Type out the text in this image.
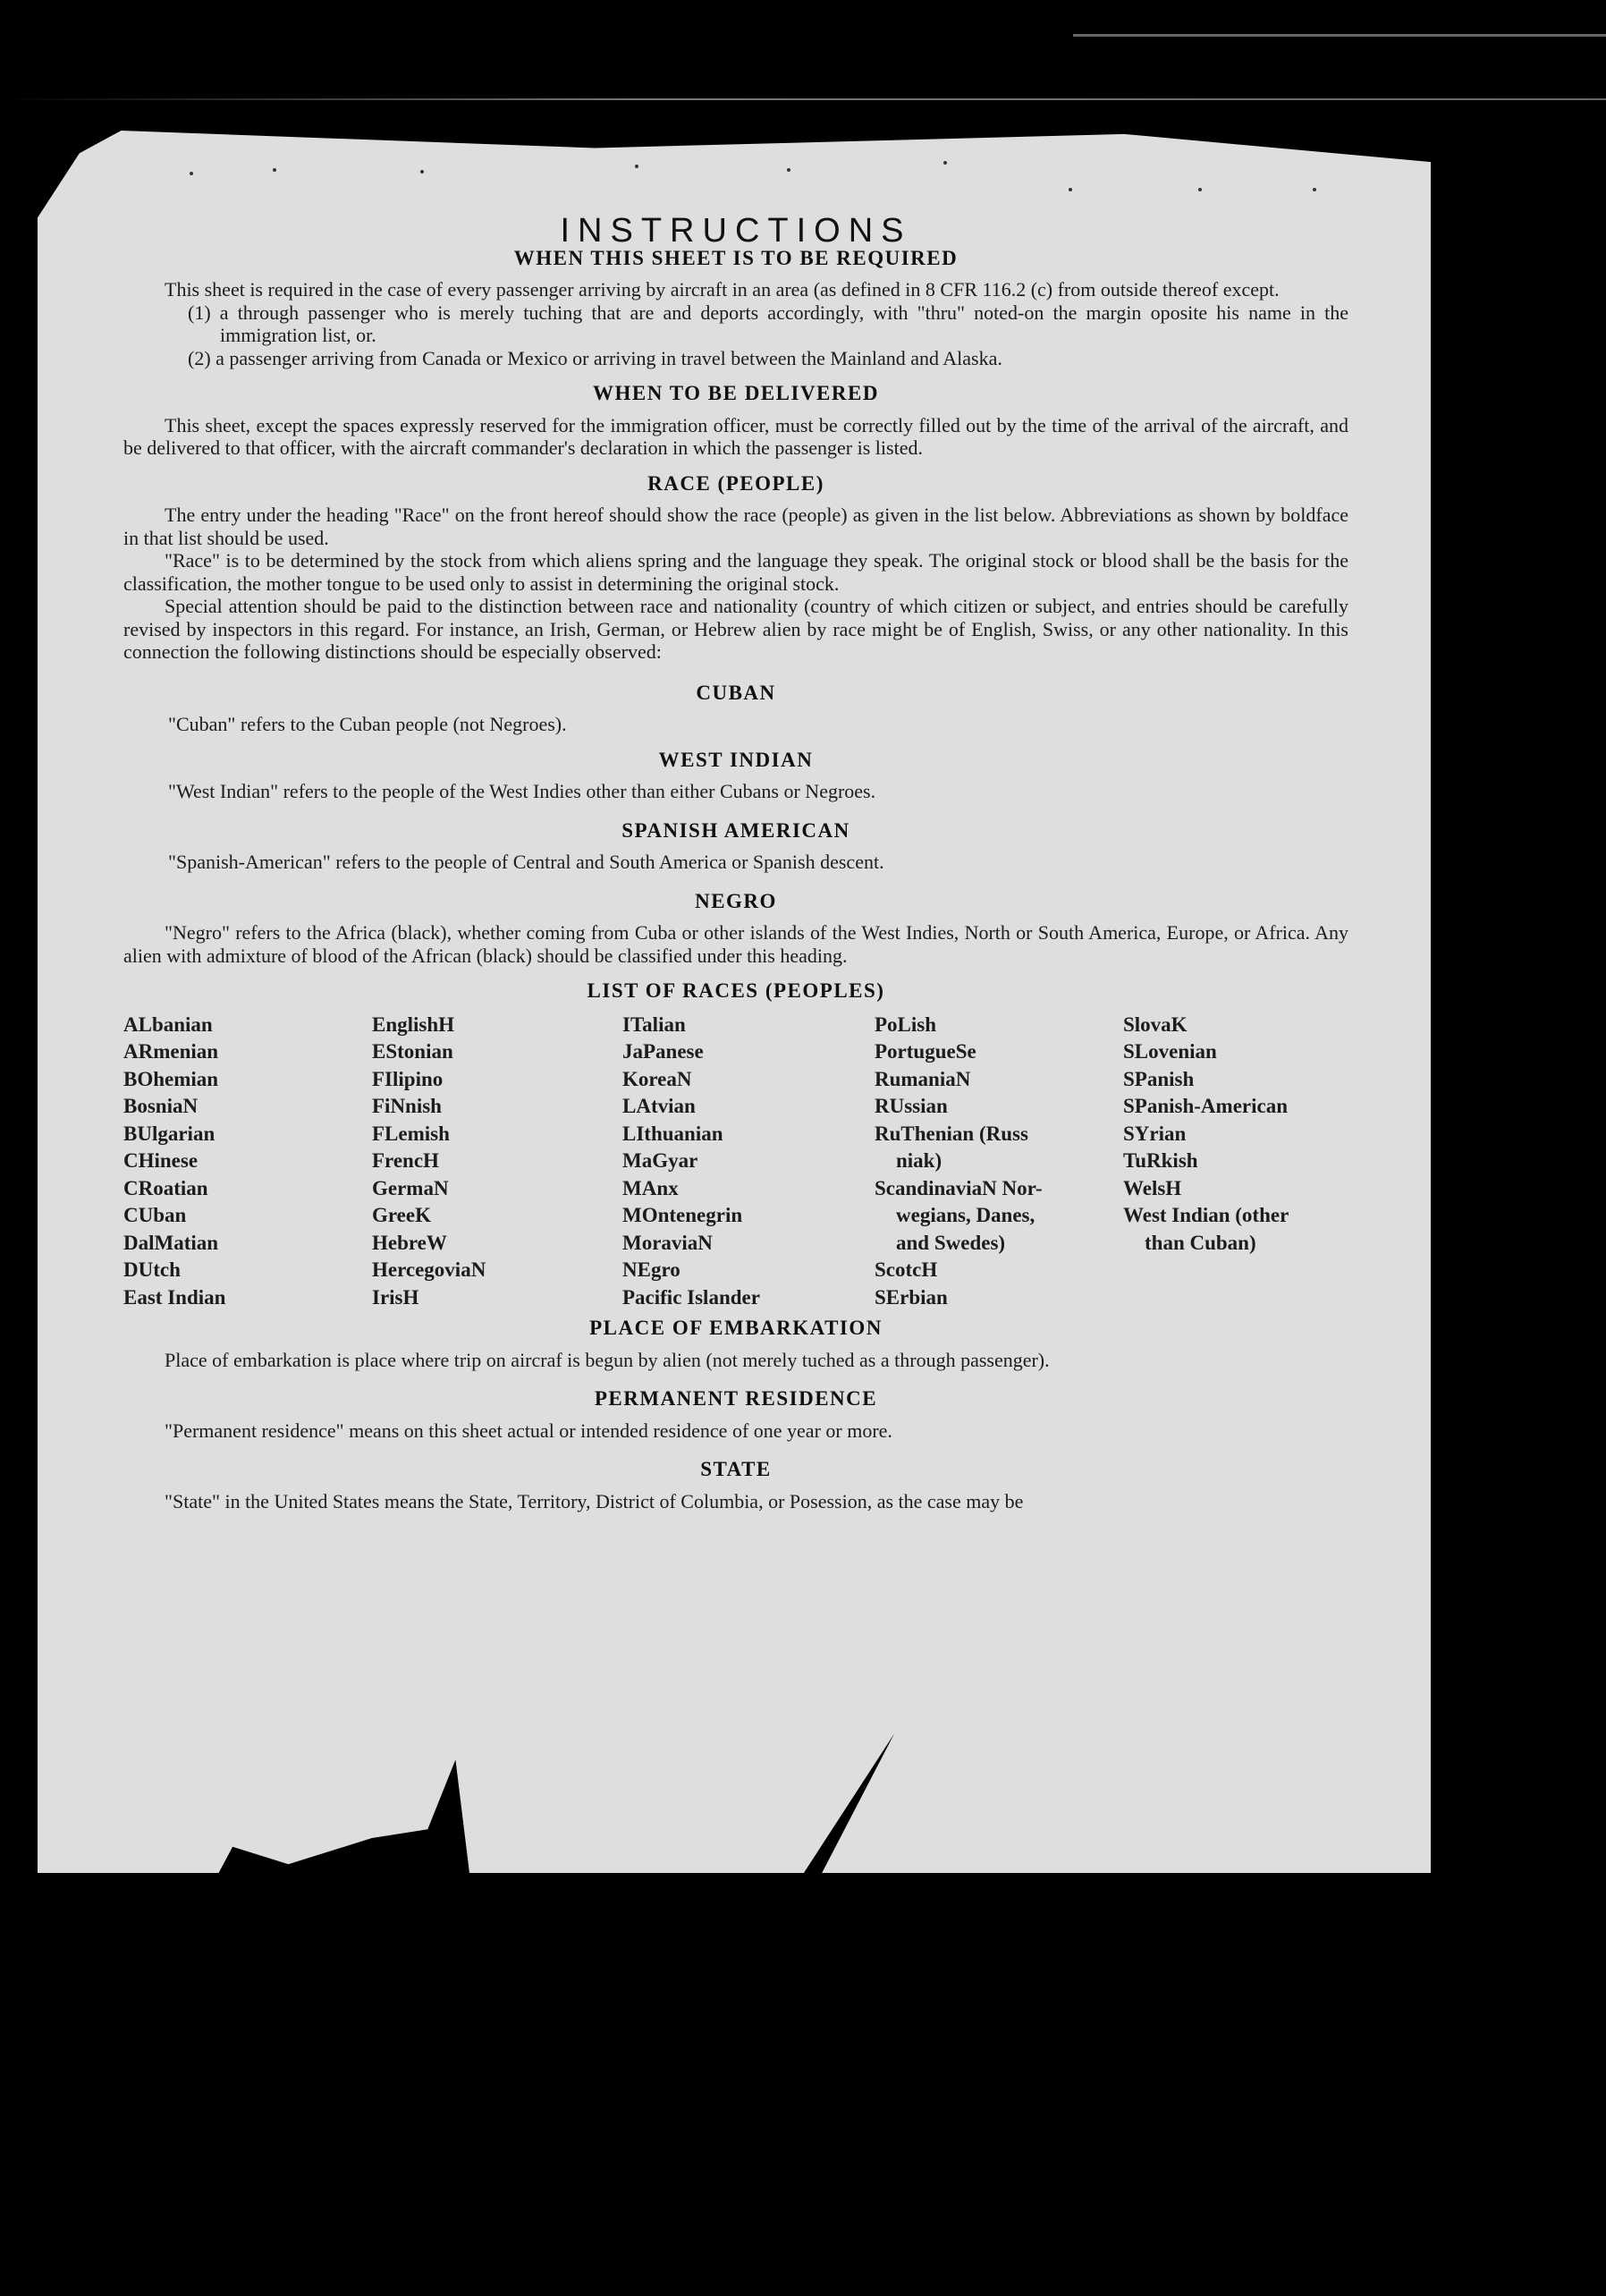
INSTRUCTIONS
WHEN THIS SHEET IS TO BE REQUIRED

This sheet is required in the case of every passenger arriving by aircraft in an area (as defined in 8 CFR 116.2 (c) from outside thereof except.

(1) a through passenger who is merely tuching that are and deports accordingly, with "thru" noted-on the margin oposite his name in the immigration list, or.

(2) a passenger arriving from Canada or Mexico or arriving in travel between the Mainland and Alaska.

WHEN TO BE DELIVERED

This sheet, except the spaces expressly reserved for the immigration officer, must be correctly filled out by the time of the arrival of the aircraft, and be delivered to that officer, with the aircraft commander's declaration in which the passenger is listed.

RACE (PEOPLE)

The entry under the heading "Race" on the front hereof should show the race (people) as given in the list below. Abbreviations as shown by boldface in that list should be used.

"Race" is to be determined by the stock from which aliens spring and the language they speak. The original stock or blood shall be the basis for the classification, the mother tongue to be used only to assist in determining the original stock.

Special attention should be paid to the distinction between race and nationality (country of which citizen or subject, and entries should be carefully revised by inspectors in this regard. For instance, an Irish, German, or Hebrew alien by race might be of English, Swiss, or any other nationality. In this connection the following distinctions should be especially observed:

CUBAN

"Cuban" refers to the Cuban people (not Negroes).

WEST INDIAN

"West Indian" refers to the people of the West Indies other than either Cubans or Negroes.

SPANISH AMERICAN

"Spanish-American" refers to the people of Central and South America or Spanish descent.

NEGRO

"Negro" refers to the Africa (black), whether coming from Cuba or other islands of the West Indies, North or South America, Europe, or Africa. Any alien with admixture of blood of the African (black) should be classified under this heading.

LIST OF RACES (PEOPLES)
ALbanian
ARmenian
BOhemian
BosniaN
BUlgarian
CHinese
CRoatian
CUban
DalMatian
DUtch
East Indian
EnglishH
EStonian
FIlipino
FiNnish
FLemish
FrencH
GermaN
GreeK
HebreW
HercegoviaN
IrisH
ITalian
JaPanese
KoreaN
LAtvian
LIthuanian
MaGyar
MAnx
MOntenegrin
MoraviaN
NEgro
Pacific Islander
PoLish
PortugueSe
RumaniaN
RUssian
RuThenian (Russ
niak)
ScandinaviaN Nor-
wegians, Danes,
and Swedes)
ScotcH
SErbian
SlovaK
SLovenian
SPanish
SPanish-American
SYrian
TuRkish
WelsH
West Indian (other
than Cuban)
PLACE OF EMBARKATION

Place of embarkation is place where trip on aircraf is begun by alien (not merely tuched as a through passenger).

PERMANENT RESIDENCE

"Permanent residence" means on this sheet actual or intended residence of one year or more.

STATE

"State" in the United States means the State, Territory, District of Columbia, or Posession, as the case may be
